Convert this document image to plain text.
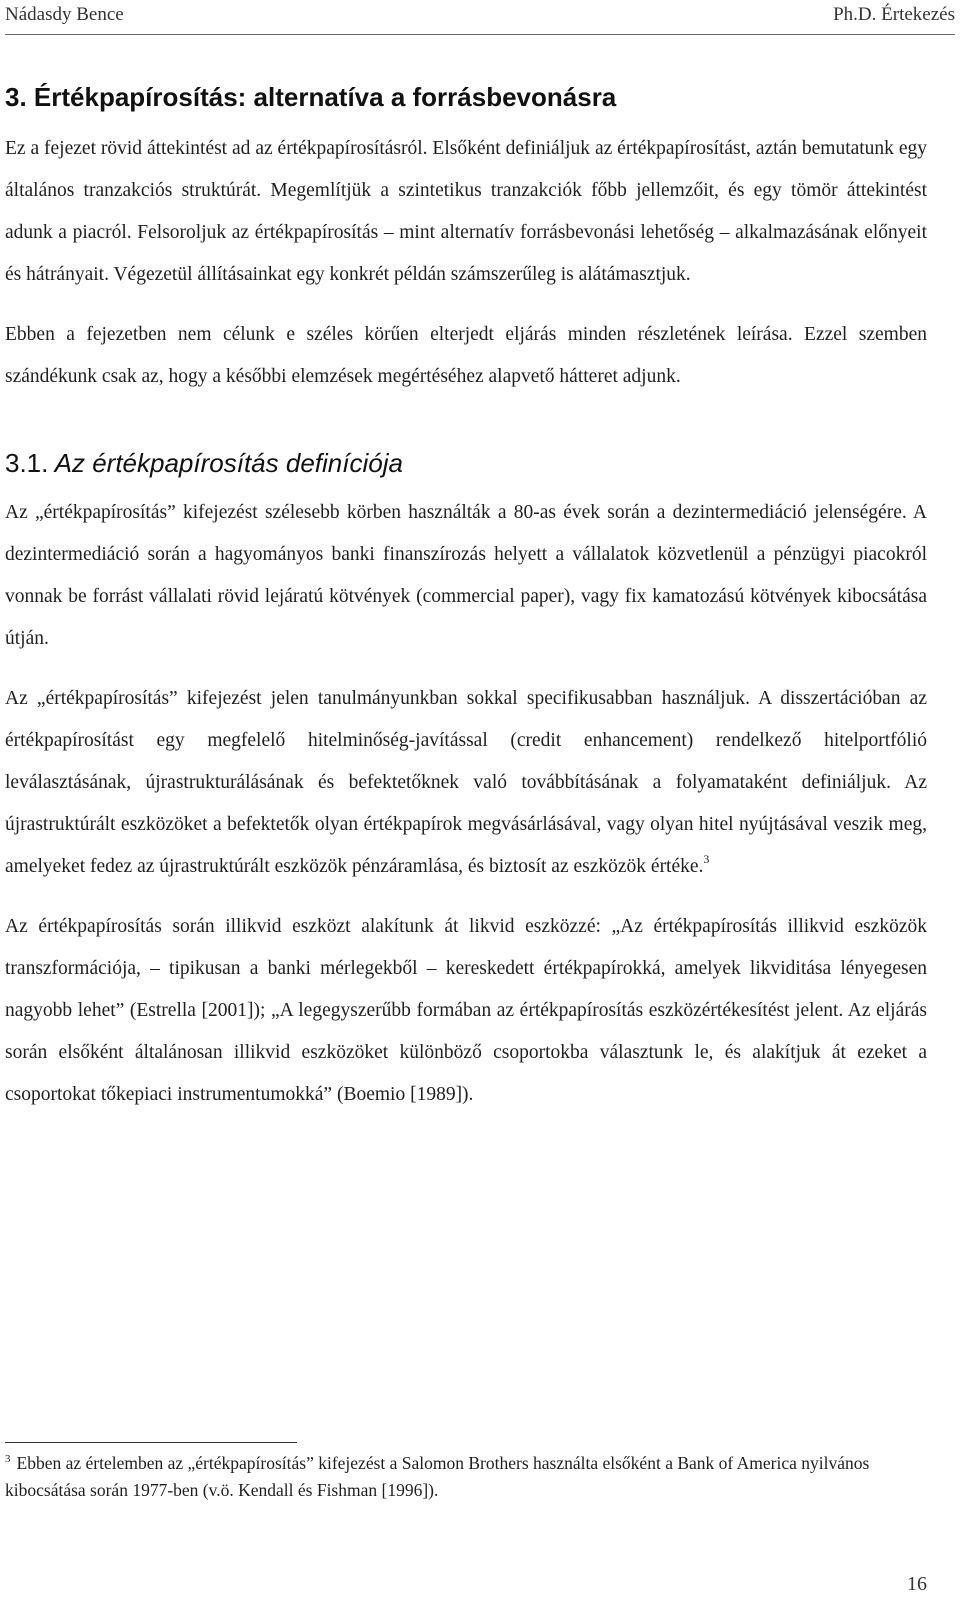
Nádasdy Bence	Ph.D. Értekezés
3. Értékpapírosítás: alternatíva a forrásbevonásra

Ez a fejezet rövid áttekintést ad az értékpapírosításról. Elsőként definiáljuk az értékpapírosítást, aztán bemutatunk egy általános tranzakciós struktúrát. Megemlítjük a szintetikus tranzakciók főbb jellemzőit, és egy tömör áttekintést adunk a piacról. Felsoroljuk az értékpapírosítás – mint alternatív forrásbevonási lehetőség – alkalmazásának előnyeit és hátrányait. Végezetül állításainkat egy konkrét példán számszerűleg is alátámasztjuk.

Ebben a fejezetben nem célunk e széles körűen elterjedt eljárás minden részletének leírása. Ezzel szemben szándékunk csak az, hogy a későbbi elemzések megértéséhez alapvető hátteret adjunk.

3.1. Az értékpapírosítás definíciója

Az „értékpapírosítás” kifejezést szélesebb körben használták a 80-as évek során a dezintermediáció jelenségére. A dezintermediáció során a hagyományos banki finanszírozás helyett a vállalatok közvetlenül a pénzügyi piacokról vonnak be forrást vállalati rövid lejáratú kötvények (commercial paper), vagy fix kamatozású kötvények kibocsátása útján.

Az „értékpapírosítás” kifejezést jelen tanulmányunkban sokkal specifikusabban használjuk. A disszertációban az értékpapírosítást egy megfelelő hitelminőség-javítással (credit enhancement) rendelkező hitelportfólió leválasztásának, újrastrukturálásának és befektetőknek való továbbításának a folyamataként definiáljuk. Az újrastruktúrált eszközöket a befektetők olyan értékpapírok megvásárlásával, vagy olyan hitel nyújtásával veszik meg, amelyeket fedez az újrastruktúrált eszközök pénzáramlása, és biztosít az eszközök értéke.$^3$

Az értékpapírosítás során illikvid eszközt alakítunk át likvid eszközzé: „Az értékpapírosítás illikvid eszközök transzformációja, – tipikusan a banki mérlegekből – kereskedett értékpapírokká, amelyek likviditása lényegesen nagyobb lehet” (Estrella [2001]); „A legegyszerűbb formában az értékpapírosítás eszközértékesítést jelent. Az eljárás során elsőként általánosan illikvid eszközöket különböző csoportokba választunk le, és alakítjuk át ezeket a csoportokat tőkepiaci instrumentumokká” (Boemio [1989]).

$^3$ Ebben az értelemben az „értékpapírosítás” kifejezést a Salomon Brothers használta elsőként a Bank of America nyilvános kibocsátása során 1977-ben (v.ö. Kendall és Fishman [1996]).
16
